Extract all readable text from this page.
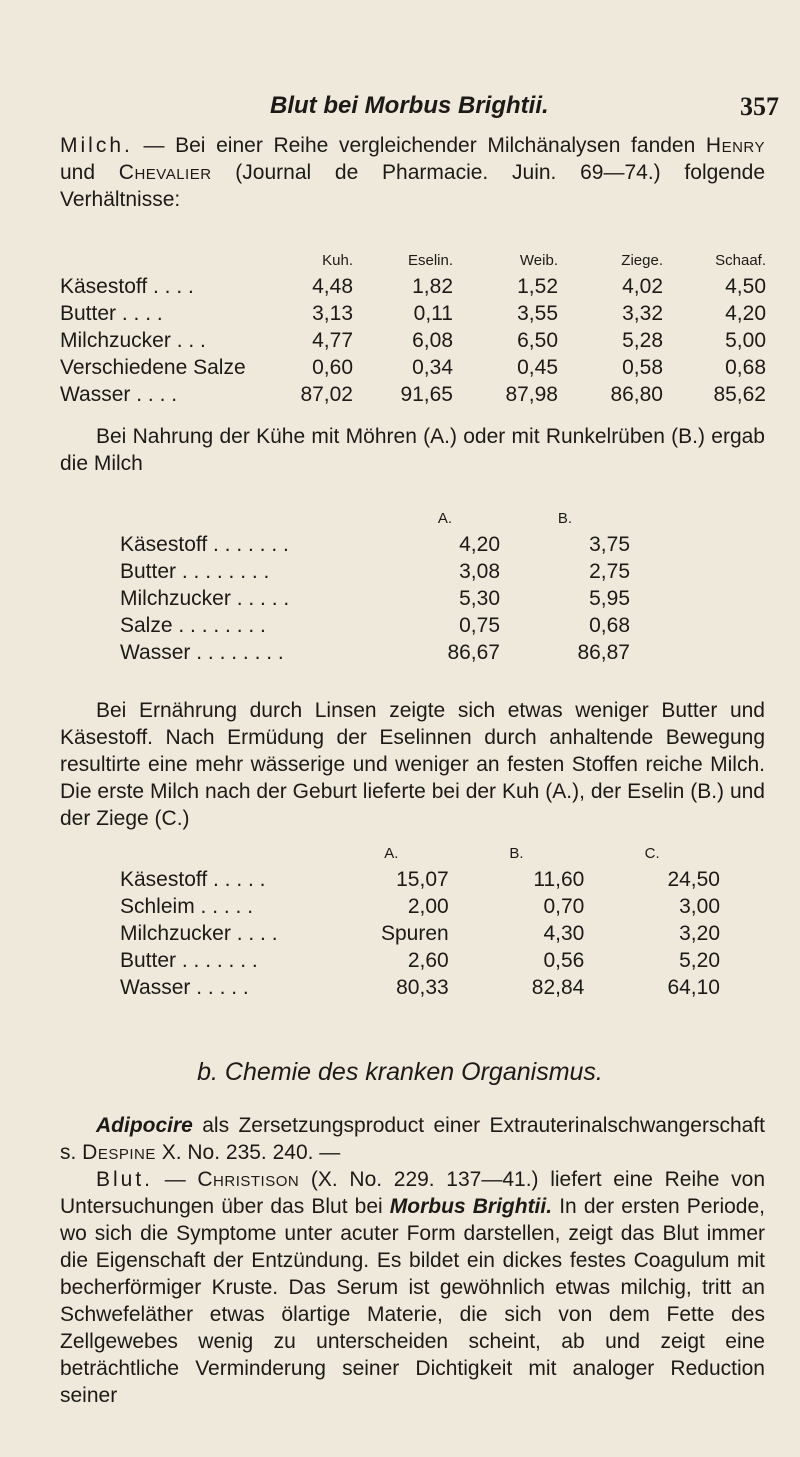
Blut bei Morbus Brightii.	357

Milch. — Bei einer Reihe vergleichender Milchänalysen fanden Henry und Chevalier (Journal de Pharmacie. Juin. 69—74.) folgende Verhältnisse:

	Kuh.	Eselin.	Weib.	Ziege.	Schaaf.
Käsestoff . . . .	4,48	1,82	1,52	4,02	4,50
Butter . . . .	3,13	0,11	3,55	3,32	4,20
Milchzucker . . .	4,77	6,08	6,50	5,28	5,00
Verschiedene Salze	0,60	0,34	0,45	0,58	0,68
Wasser . . . .	87,02	91,65	87,98	86,80	85,62

Bei Nahrung der Kühe mit Möhren (A.) oder mit Runkelrüben (B.) ergab die Milch

	A.	B.
Käsestoff . . . . . . .	4,20	3,75
Butter . . . . . . . .	3,08	2,75
Milchzucker . . . . .	5,30	5,95
Salze . . . . . . . .	0,75	0,68
Wasser . . . . . . . .	86,67	86,87

Bei Ernährung durch Linsen zeigte sich etwas weniger Butter und Käsestoff. Nach Ermüdung der Eselinnen durch anhaltende Bewegung resultirte eine mehr wässerige und weniger an festen Stoffen reiche Milch. Die erste Milch nach der Geburt lieferte bei der Kuh (A.), der Eselin (B.) und der Ziege (C.)

	A.	B.	C.
Käsestoff . . . . .	15,07	11,60	24,50
Schleim . . . . .	2,00	0,70	3,00
Milchzucker . . . .	Spuren	4,30	3,20
Butter . . . . . . .	2,60	0,56	5,20
Wasser . . . . .	80,33	82,84	64,10
b. Chemie des kranken Organismus.

Adipocire als Zersetzungsproduct einer Extrauterinalschwangerschaft s. Despine X. No. 235. 240. —

Blut. — Christison (X. No. 229. 137—41.) liefert eine Reihe von Untersuchungen über das Blut bei Morbus Brightii. In der ersten Periode, wo sich die Symptome unter acuter Form darstellen, zeigt das Blut immer die Eigenschaft der Entzündung. Es bildet ein dickes festes Coagulum mit becherförmiger Kruste. Das Serum ist gewöhnlich etwas milchig, tritt an Schwefeläther etwas ölartige Materie, die sich von dem Fette des Zellgewebes wenig zu unterscheiden scheint, ab und zeigt eine beträchtliche Verminderung seiner Dichtigkeit mit analoger Reduction seiner
